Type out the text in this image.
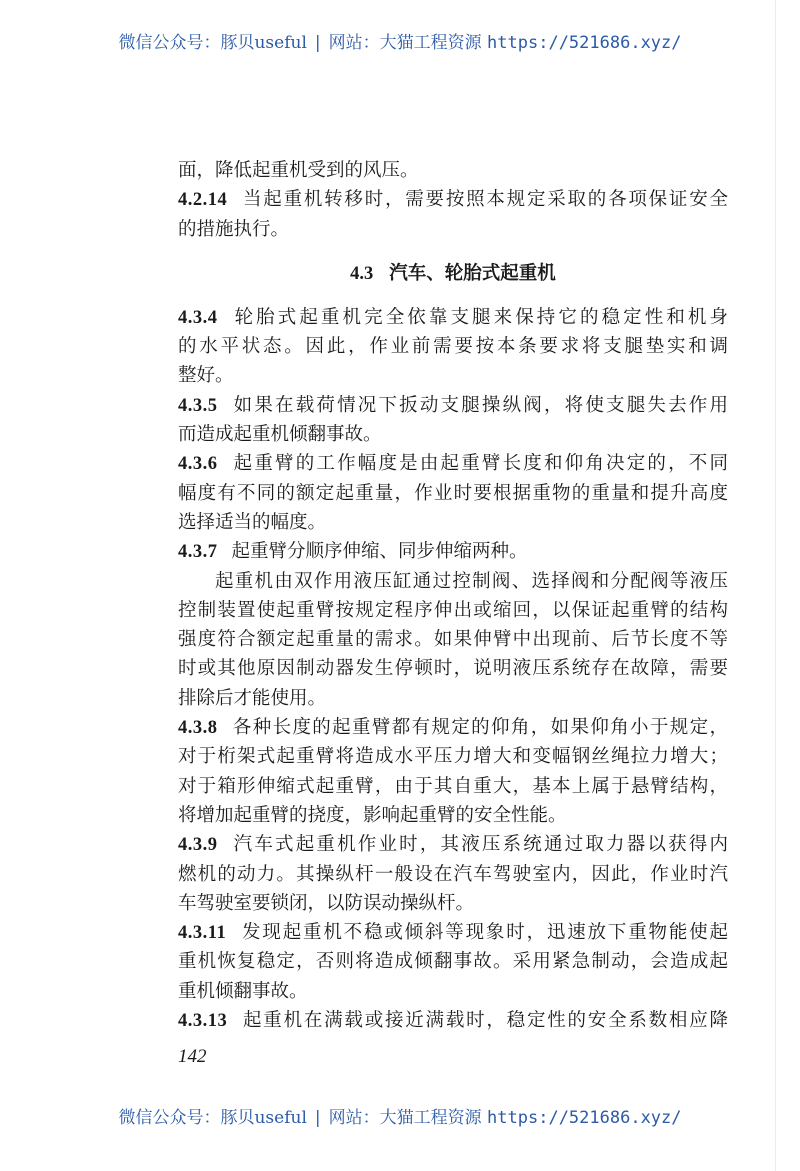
微信公众号：豚贝useful | 网站：大猫工程资源 https://521686.xyz/
面，降低起重机受到的风压。
4.2.14 当起重机转移时，需要按照本规定采取的各项保证安全
的措施执行。
4.3 汽车、轮胎式起重机
4.3.4 轮胎式起重机完全依靠支腿来保持它的稳定性和机身
的水平状态。因此，作业前需要按本条要求将支腿垫实和调
整好。
4.3.5 如果在载荷情况下扳动支腿操纵阀，将使支腿失去作用
而造成起重机倾翻事故。
4.3.6 起重臂的工作幅度是由起重臂长度和仰角决定的，不同
幅度有不同的额定起重量，作业时要根据重物的重量和提升高度
选择适当的幅度。
4.3.7 起重臂分顺序伸缩、同步伸缩两种。
起重机由双作用液压缸通过控制阀、选择阀和分配阀等液压
控制装置使起重臂按规定程序伸出或缩回，以保证起重臂的结构
强度符合额定起重量的需求。如果伸臂中出现前、后节长度不等
时或其他原因制动器发生停顿时，说明液压系统存在故障，需要
排除后才能使用。
4.3.8 各种长度的起重臂都有规定的仰角，如果仰角小于规定，
对于桁架式起重臂将造成水平压力增大和变幅钢丝绳拉力增大；
对于箱形伸缩式起重臂，由于其自重大，基本上属于悬臂结构，
将增加起重臂的挠度，影响起重臂的安全性能。
4.3.9 汽车式起重机作业时，其液压系统通过取力器以获得内
燃机的动力。其操纵杆一般设在汽车驾驶室内，因此，作业时汽
车驾驶室要锁闭，以防误动操纵杆。
4.3.11 发现起重机不稳或倾斜等现象时，迅速放下重物能使起
重机恢复稳定，否则将造成倾翻事故。采用紧急制动，会造成起
重机倾翻事故。
4.3.13 起重机在满载或接近满载时，稳定性的安全系数相应降
142
微信公众号：豚贝useful | 网站：大猫工程资源 https://521686.xyz/
